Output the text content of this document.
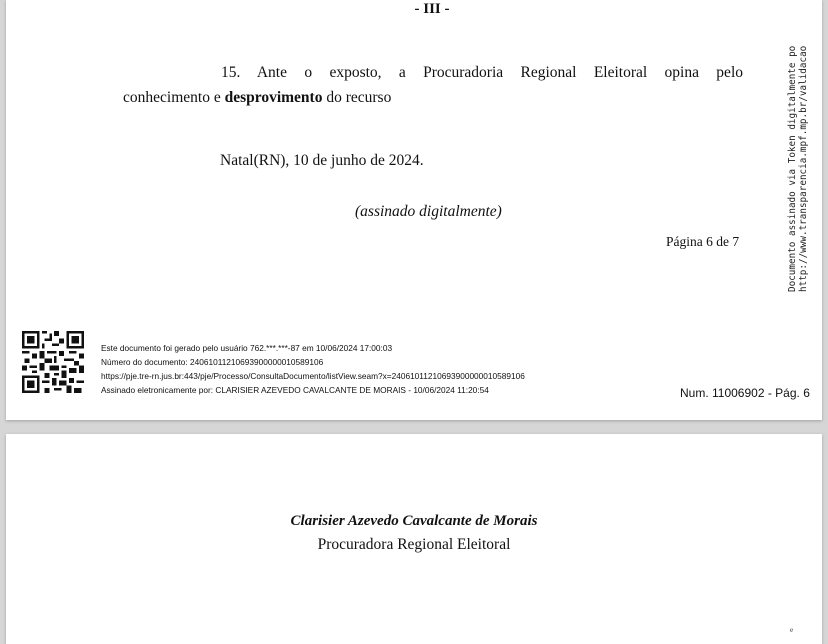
- III -
15. Ante o exposto, a Procuradoria Regional Eleitoral opina pelo
conhecimento e desprovimento do recurso
Natal(RN), 10 de junho de 2024.
(assinado digitalmente)
Página 6 de 7	Documento assinado via Token digitalmente po http://www.transparencia.mpf.mp.br/validacao
Este documento foi gerado pelo usuário 762.***.***-87 em 10/06/2024 17:00:03
Número do documento: 24061011210693900000010589106
https://pje.tre-rn.jus.br:443/pje/Processo/ConsultaDocumento/listView.seam?x=24061011210693900000010589106
Assinado eletronicamente por: CLARISIER AZEVEDO CAVALCANTE DE MORAIS - 10/06/2024 11:20:54	Num. 11006902 - Pág. 6
Clarisier Azevedo Cavalcante de Morais
Procuradora Regional Eleitoral
e
